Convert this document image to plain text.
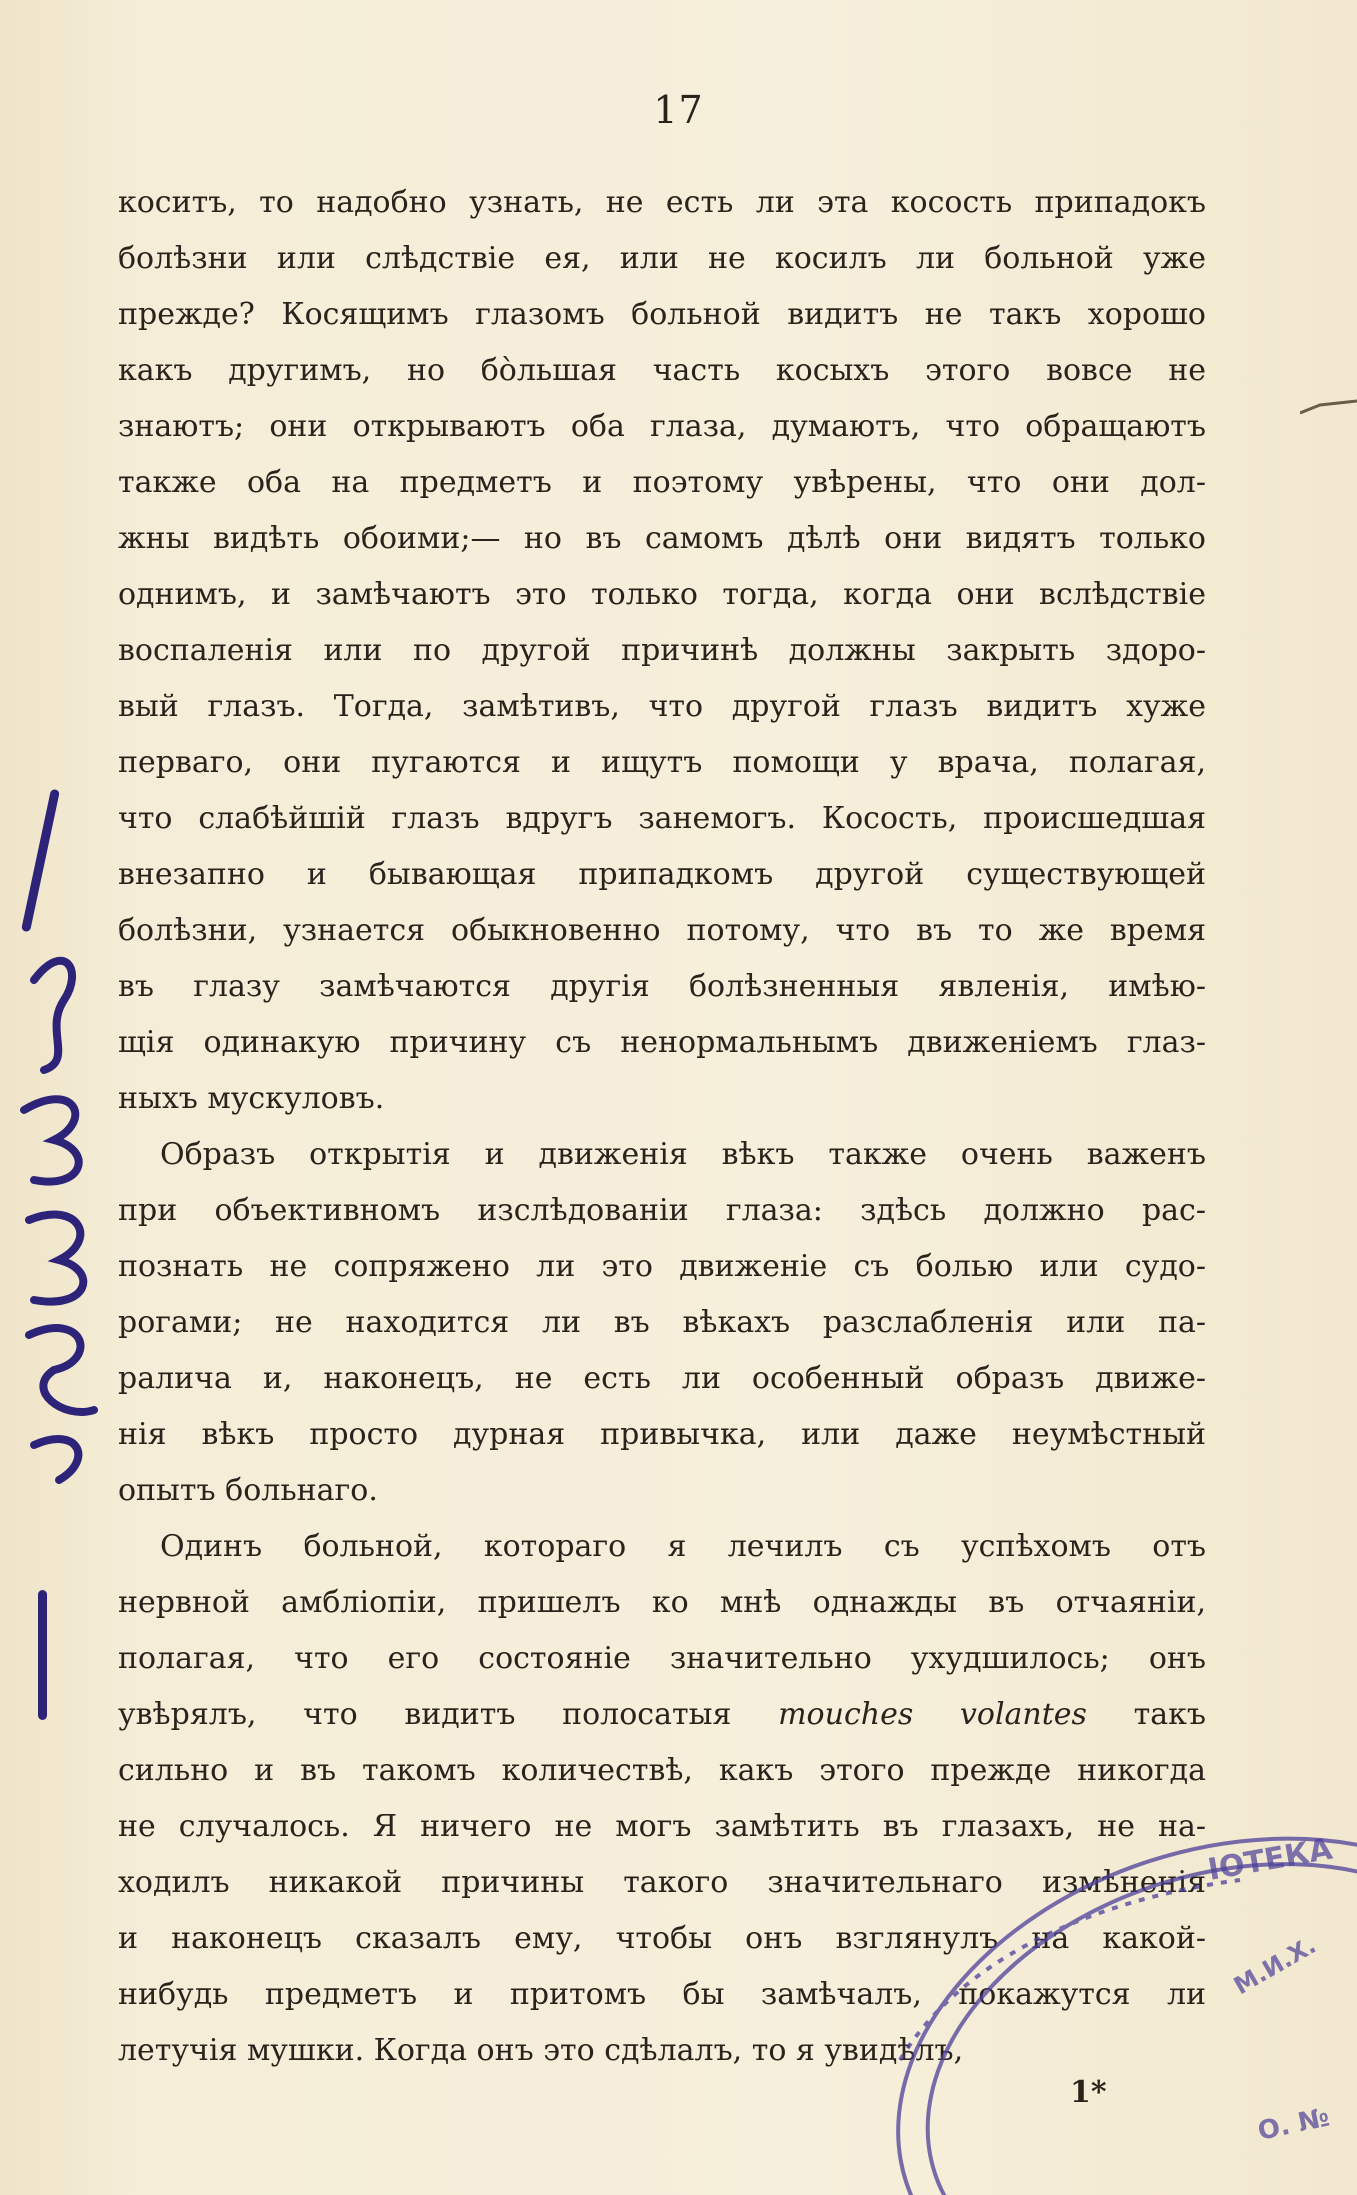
17
коситъ, то надобно узнать, не есть ли эта косость припадокъ
болѣзни или слѣдствіе ея, или не косилъ ли больной уже
прежде? Косящимъ глазомъ больной видитъ не такъ хорошо
какъ другимъ, но бо̀льшая часть косыхъ этого вовсе не
знаютъ; они открываютъ оба глаза, думаютъ, что обращаютъ
также оба на предметъ и поэтому увѣрены, что они дол-
жны видѣть обоими;— но въ самомъ дѣлѣ они видятъ только
однимъ, и замѣчаютъ это только тогда, когда они вслѣдствіе
воспаленія или по другой причинѣ должны закрыть здоро-
вый глазъ. Тогда, замѣтивъ, что другой глазъ видитъ хуже
перваго, они пугаются и ищутъ помощи у врача, полагая,
что слабѣйшій глазъ вдругъ занемогъ. Косость, происшедшая
внезапно и бывающая припадкомъ другой существующей
болѣзни, узнается обыкновенно потому, что въ то же время
въ глазу замѣчаются другія болѣзненныя явленія, имѣю-
щія одинакую причину съ ненормальнымъ движеніемъ глаз-
ныхъ мускуловъ.
Образъ открытія и движенія вѣкъ также очень важенъ
при объективномъ изслѣдованіи глаза: здѣсь должно рас-
познать не сопряжено ли это движеніе съ болью или судо-
рогами; не находится ли въ вѣкахъ разслабленія или па-
ралича и, наконецъ, не есть ли особенный образъ движе-
нія вѣкъ просто дурная привычка, или даже неумѣстный
опытъ больнаго.
Одинъ больной, котораго я лечилъ съ успѣхомъ отъ
нервной амбліопіи, пришелъ ко мнѣ однажды въ отчаяніи,
полагая, что его состояніе значительно ухудшилось; онъ
увѣрялъ, что видитъ полосатыя mouches volantes такъ
сильно и въ такомъ количествѣ, какъ этого прежде никогда
не случалось. Я ничего не могъ замѣтить въ глазахъ, не на-
ходилъ никакой причины такого значительнаго измѣненія
и наконецъ сказалъ ему, чтобы онъ взглянулъ на какой-
нибудь предметъ и притомъ бы замѣчалъ, покажутся ли
летучія мушки. Когда онъ это сдѣлалъ, то я увидѣлъ,
1*
ІОТЕКА
М.И.Х.
О. №
